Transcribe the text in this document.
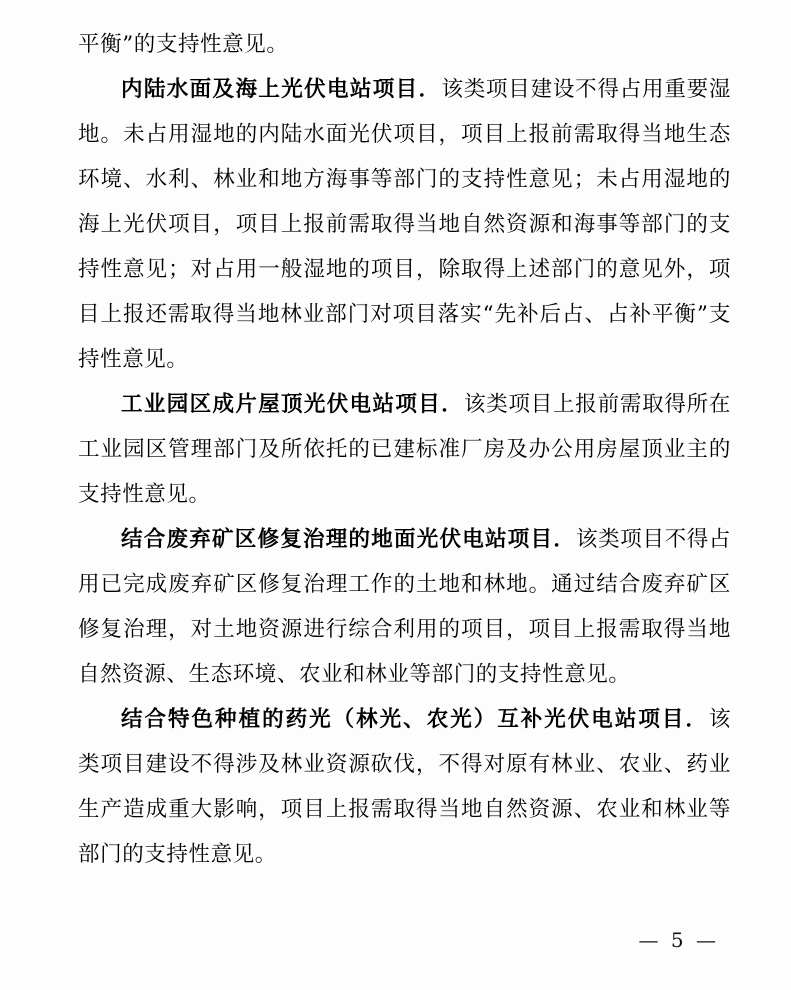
平衡”的支持性意见。

内陆水面及海上光伏电站项目．该类项目建设不得占用重要湿地。未占用湿地的内陆水面光伏项目，项目上报前需取得当地生态环境、水利、林业和地方海事等部门的支持性意见；未占用湿地的海上光伏项目，项目上报前需取得当地自然资源和海事等部门的支持性意见；对占用一般湿地的项目，除取得上述部门的意见外，项目上报还需取得当地林业部门对项目落实“先补后占、占补平衡”支持性意见。

工业园区成片屋顶光伏电站项目．该类项目上报前需取得所在工业园区管理部门及所依托的已建标准厂房及办公用房屋顶业主的支持性意见。

结合废弃矿区修复治理的地面光伏电站项目．该类项目不得占用已完成废弃矿区修复治理工作的土地和林地。通过结合废弃矿区修复治理，对土地资源进行综合利用的项目，项目上报需取得当地自然资源、生态环境、农业和林业等部门的支持性意见。

结合特色种植的药光（林光、农光）互补光伏电站项目．该类项目建设不得涉及林业资源砍伐，不得对原有林业、农业、药业生产造成重大影响，项目上报需取得当地自然资源、农业和林业等部门的支持性意见。

— 5 —
